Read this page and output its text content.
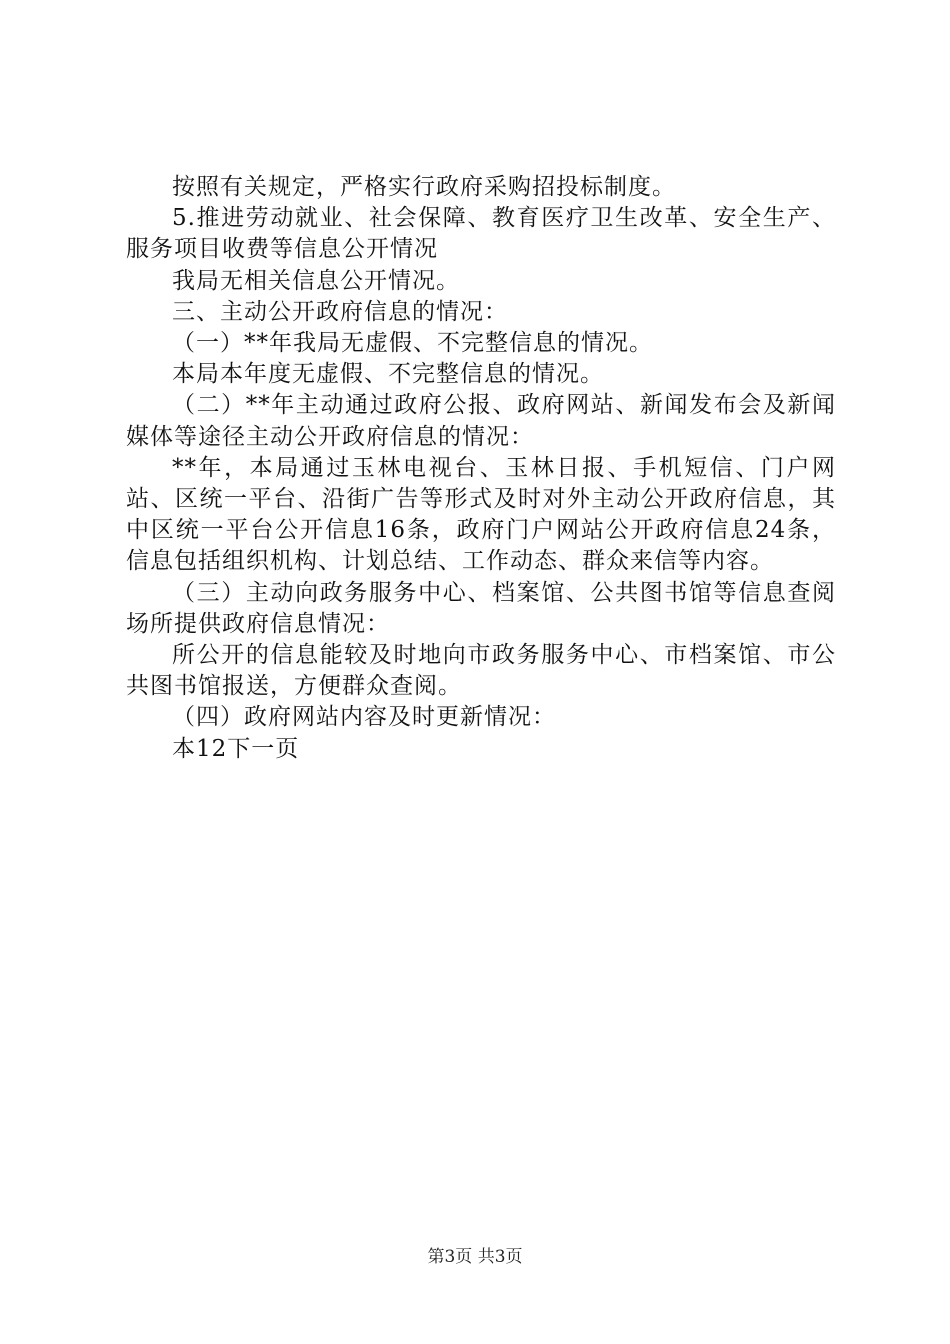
按照有关规定，严格实行政府采购招投标制度。

5.推进劳动就业、社会保障、教育医疗卫生改革、安全生产、服务项目收费等信息公开情况

我局无相关信息公开情况。

三、主动公开政府信息的情况：

（一）**年我局无虚假、不完整信息的情况。

本局本年度无虚假、不完整信息的情况。

（二）**年主动通过政府公报、政府网站、新闻发布会及新闻媒体等途径主动公开政府信息的情况：

**年，本局通过玉林电视台、玉林日报、手机短信、门户网站、区统一平台、沿街广告等形式及时对外主动公开政府信息，其中区统一平台公开信息16条，政府门户网站公开政府信息24条，信息包括组织机构、计划总结、工作动态、群众来信等内容。

（三）主动向政务服务中心、档案馆、公共图书馆等信息查阅场所提供政府信息情况：

所公开的信息能较及时地向市政务服务中心、市档案馆、市公共图书馆报送，方便群众查阅。

（四）政府网站内容及时更新情况：

本12下一页

第3页 共3页
